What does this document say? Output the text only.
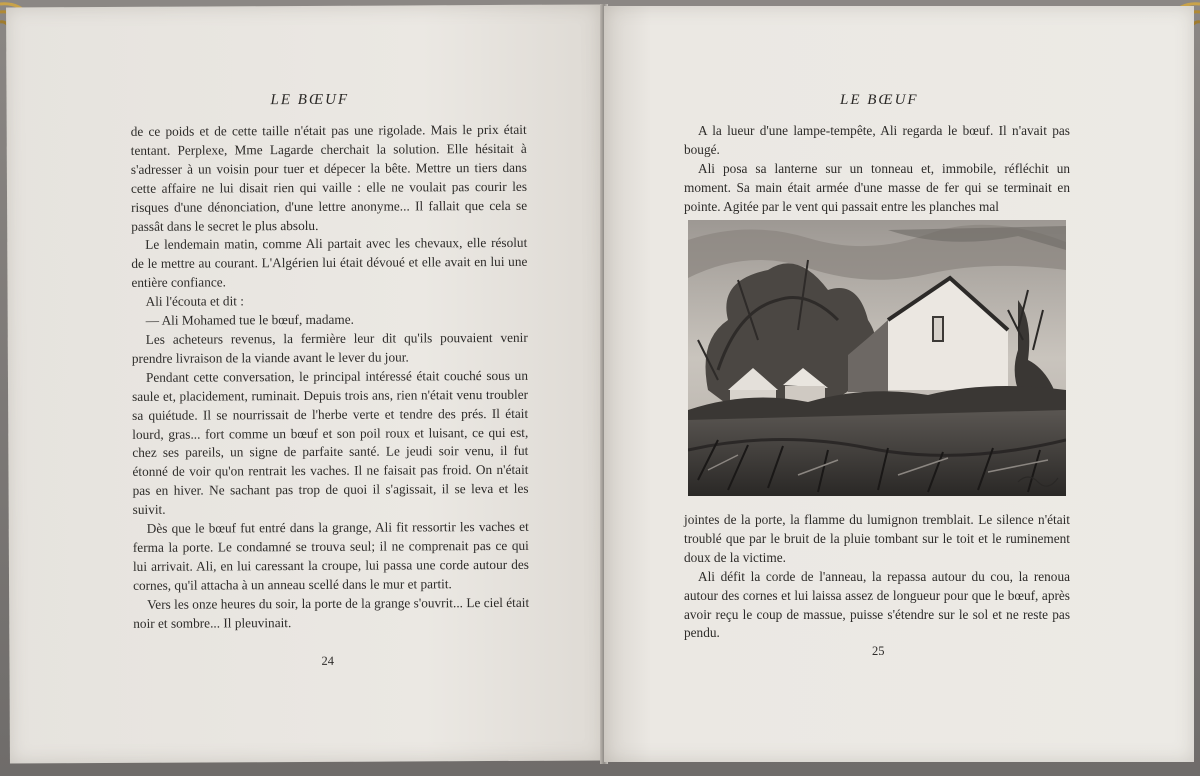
LE BŒUF

de ce poids et de cette taille n'était pas une rigolade. Mais le prix était tentant. Perplexe, Mme Lagarde cherchait la solution. Elle hésitait à s'adresser à un voisin pour tuer et dépecer la bête. Mettre un tiers dans cette affaire ne lui disait rien qui vaille : elle ne voulait pas courir les risques d'une dénonciation, d'une lettre anonyme... Il fallait que cela se passât dans le secret le plus absolu.

Le lendemain matin, comme Ali partait avec les chevaux, elle résolut de le mettre au courant. L'Algérien lui était dévoué et elle avait en lui une entière confiance.

Ali l'écouta et dit :

— Ali Mohamed tue le bœuf, madame.

Les acheteurs revenus, la fermière leur dit qu'ils pouvaient venir prendre livraison de la viande avant le lever du jour.

Pendant cette conversation, le principal intéressé était couché sous un saule et, placidement, ruminait. Depuis trois ans, rien n'était venu troubler sa quiétude. Il se nourrissait de l'herbe verte et tendre des prés. Il était lourd, gras... fort comme un bœuf et son poil roux et luisant, ce qui est, chez ses pareils, un signe de parfaite santé. Le jeudi soir venu, il fut étonné de voir qu'on rentrait les vaches. Il ne faisait pas froid. On n'était pas en hiver. Ne sachant pas trop de quoi il s'agissait, il se leva et les suivit.

Dès que le bœuf fut entré dans la grange, Ali fit ressortir les vaches et ferma la porte. Le condamné se trouva seul; il ne comprenait pas ce qui lui arrivait. Ali, en lui caressant la croupe, lui passa une corde autour des cornes, qu'il attacha à un anneau scellé dans le mur et partit.

Vers les onze heures du soir, la porte de la grange s'ouvrit... Le ciel était noir et sombre... Il pleuvinait.

24
LE BŒUF

A la lueur d'une lampe-tempête, Ali regarda le bœuf. Il n'avait pas bougé.

Ali posa sa lanterne sur un tonneau et, immobile, réfléchit un moment. Sa main était armée d'une masse de fer qui se terminait en pointe. Agitée par le vent qui passait entre les planches mal

jointes de la porte, la flamme du lumignon tremblait. Le silence n'était troublé que par le bruit de la pluie tombant sur le toit et le ruminement doux de la victime.

Ali défit la corde de l'anneau, la repassa autour du cou, la renoua autour des cornes et lui laissa assez de longueur pour que le bœuf, après avoir reçu le coup de massue, puisse s'étendre sur le sol et ne reste pas pendu.

25
